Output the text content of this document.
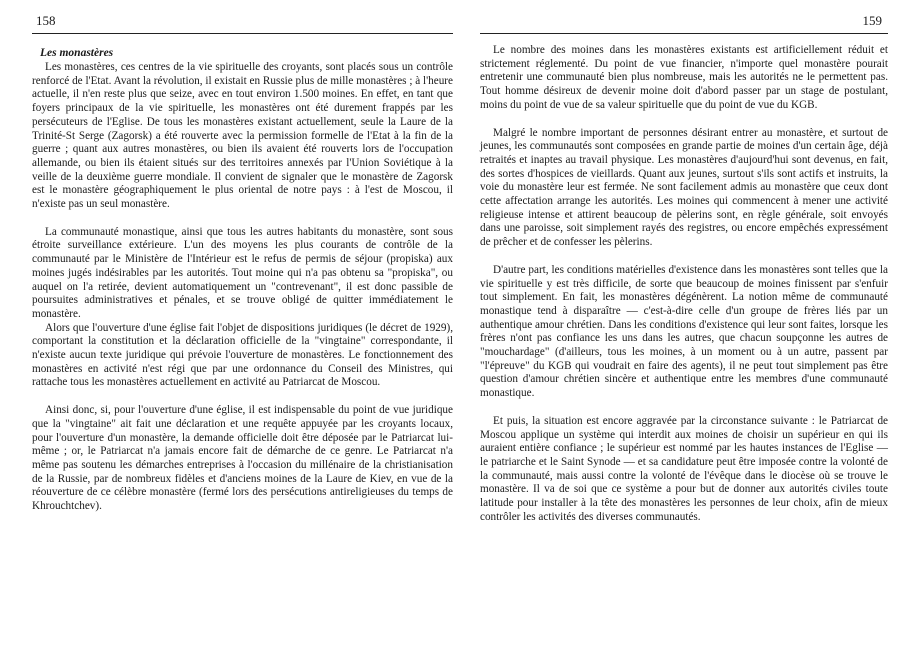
158
Les monastères

Les monastères, ces centres de la vie spirituelle des croyants, sont placés sous un contrôle renforcé de l'Etat. Avant la révolution, il existait en Russie plus de mille monastères ; à l'heure actuelle, il n'en reste plus que seize, avec en tout environ 1.500 moines. En effet, en tant que foyers principaux de la vie spirituelle, les monastères ont été durement frappés par les persécuteurs de l'Eglise. De tous les monastères existant actuellement, seule la Laure de la Trinité-St Serge (Zagorsk) a été rouverte avec la permission formelle de l'Etat à la fin de la guerre ; quant aux autres monastères, ou bien ils avaient été rouverts lors de l'occupation allemande, ou bien ils étaient situés sur des territoires annexés par l'Union Soviétique à la veille de la deuxième guerre mondiale. Il convient de signaler que le monastère de Zagorsk est le monastère géographiquement le plus oriental de notre pays : à l'est de Moscou, il n'existe pas un seul monastère.

La communauté monastique, ainsi que tous les autres habitants du monastère, sont sous étroite surveillance extérieure. L'un des moyens les plus courants de contrôle de la communauté par le Ministère de l'Intérieur est le refus de permis de séjour (propiska) aux moines jugés indésirables par les autorités. Tout moine qui n'a pas obtenu sa "propiska", ou auquel on l'a retirée, devient automatiquement un "contrevenant", il est donc passible de poursuites administratives et pénales, et se trouve obligé de quitter immédiatement le monastère.

Alors que l'ouverture d'une église fait l'objet de dispositions juridiques (le décret de 1929), comportant la constitution et la déclaration officielle de la "vingtaine" correspondante, il n'existe aucun texte juridique qui prévoie l'ouverture de monastères. Le fonctionnement des monastères en activité n'est régi que par une ordonnance du Conseil des Ministres, qui rattache tous les monastères actuellement en activité au Patriarcat de Moscou.

Ainsi donc, si, pour l'ouverture d'une église, il est indispensable du point de vue juridique que la "vingtaine" ait fait une déclaration et une requête appuyée par les croyants locaux, pour l'ouverture d'un monastère, la demande officielle doit être déposée par le Patriarcat lui-même ; or, le Patriarcat n'a jamais encore fait de démarche de ce genre. Le Patriarcat n'a même pas soutenu les démarches entreprises à l'occasion du millénaire de la christianisation de la Russie, par de nombreux fidèles et d'anciens moines de la Laure de Kiev, en vue de la réouverture de ce célèbre monastère (fermé lors des persécutions antireligieuses du temps de Khrouchtchev).

159

Le nombre des moines dans les monastères existants est artificiellement réduit et strictement réglementé. Du point de vue financier, n'importe quel monastère pourait entretenir une communauté bien plus nombreuse, mais les autorités ne le permettent pas. Tout homme désireux de devenir moine doit d'abord passer par un stage de postulant, moins du point de vue de sa valeur spirituelle que du point de vue du KGB.

Malgré le nombre important de personnes désirant entrer au monastère, et surtout de jeunes, les communautés sont composées en grande partie de moines d'un certain âge, déjà retraités et inaptes au travail physique. Les monastères d'aujourd'hui sont devenus, en fait, des sortes d'hospices de vieillards. Quant aux jeunes, surtout s'ils sont actifs et instruits, la voie du monastère leur est fermée. Ne sont facilement admis au monastère que ceux dont cette affectation arrange les autorités. Les moines qui commencent à mener une activité religieuse intense et attirent beaucoup de pèlerins sont, en règle générale, soit envoyés dans une paroisse, soit simplement rayés des registres, ou encore empêchés expressément de prêcher et de confesser les pèlerins.

D'autre part, les conditions matérielles d'existence dans les monastères sont telles que la vie spirituelle y est très difficile, de sorte que beaucoup de moines finissent par s'enfuir tout simplement. En fait, les monastères dégénèrent. La notion même de communauté monastique tend à disparaître — c'est-à-dire celle d'un groupe de frères liés par un authentique amour chrétien. Dans les conditions d'existence qui leur sont faites, lorsque les frères n'ont pas confiance les uns dans les autres, que chacun soupçonne les autres de "mouchardage" (d'ailleurs, tous les moines, à un moment ou à un autre, passent par "l'épreuve" du KGB qui voudrait en faire des agents), il ne peut tout simplement pas être question d'amour chrétien sincère et authentique entre les membres d'une communauté monastique.

Et puis, la situation est encore aggravée par la circonstance suivante : le Patriarcat de Moscou applique un système qui interdit aux moines de choisir un supérieur en qui ils auraient entière confiance ; le supérieur est nommé par les hautes instances de l'Eglise — le patriarche et le Saint Synode — et sa candidature peut être imposée contre la volonté de la communauté, mais aussi contre la volonté de l'évêque dans le diocèse où se trouve le monastère. Il va de soi que ce système a pour but de donner aux autorités civiles toute latitude pour installer à la tête des monastères les personnes de leur choix, afin de mieux contrôler les activités des diverses communautés.
